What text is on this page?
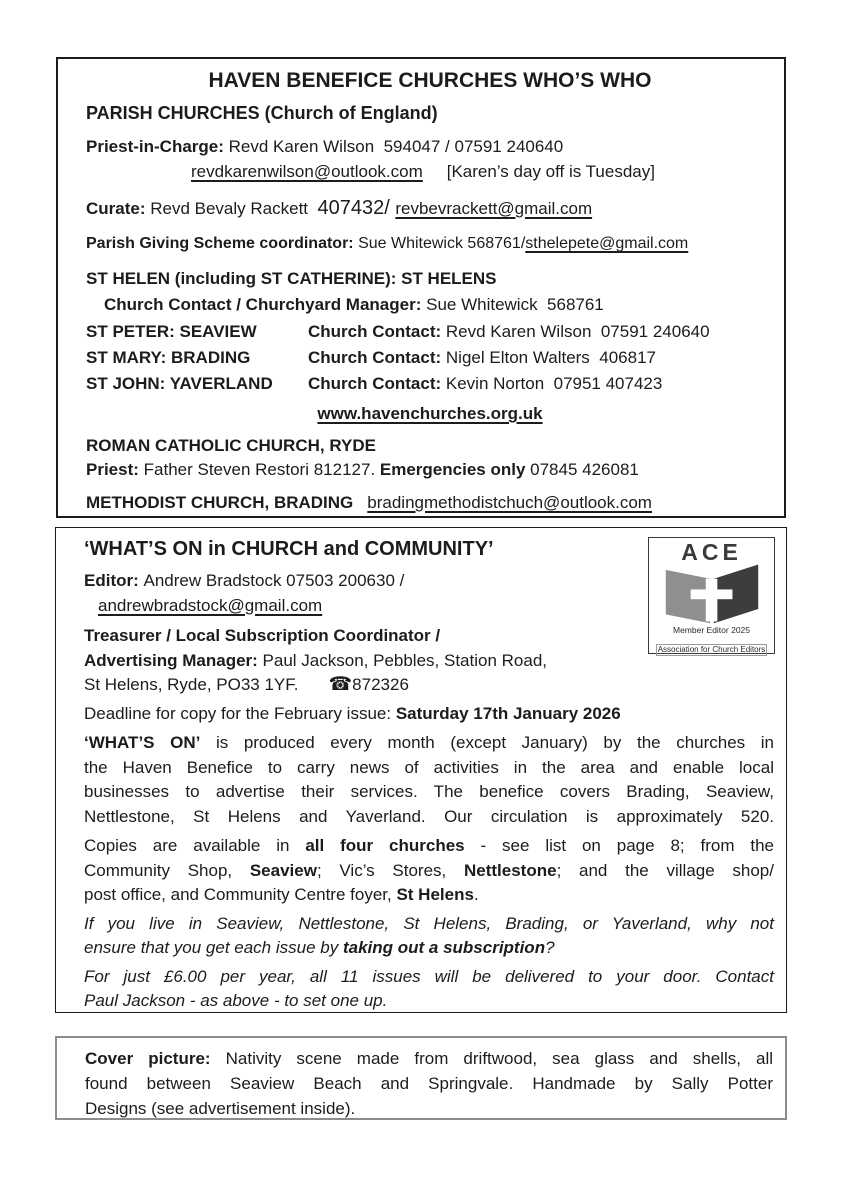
HAVEN BENEFICE CHURCHES WHO’S WHO
PARISH CHURCHES (Church of England)
Priest-in-Charge: Revd Karen Wilson  594047 / 07591 240640
revdkarenwilson@outlook.com [Karen’s day off is Tuesday]
Curate: Revd Bevaly Rackett  407432/ revbevrackett@gmail.com
Parish Giving Scheme coordinator: Sue Whitewick 568761/sthelepete@gmail.com
ST HELEN (including ST CATHERINE): ST HELENS
Church Contact / Churchyard Manager: Sue Whitewick  568761
ST PETER: SEAVIEW	Church Contact: Revd Karen Wilson  07591 240640
ST MARY: BRADING	Church Contact: Nigel Elton Walters  406817
ST JOHN: YAVERLAND Church Contact: Kevin Norton  07951 407423
www.havenchurches.org.uk
ROMAN CATHOLIC CHURCH, RYDE
Priest: Father Steven Restori 812127. Emergencies only 07845 426081
METHODIST CHURCH, BRADING bradingmethodistchuch@outlook.com
ACE
Member Editor 2025
Association for Church Editors
‘WHAT’S ON in CHURCH and COMMUNITY’
Editor: Andrew Bradstock 07503 200630 /
andrewbradstock@gmail.com
Treasurer / Local Subscription Coordinator /
Advertising Manager: Paul Jackson, Pebbles, Station Road,
St Helens, Ryde, PO33 1YF. ☎872326
Deadline for copy for the February issue: Saturday 17th January 2026
‘WHAT’S ON’ is produced every month (except January) by the churches in
the Haven Benefice to carry news of activities in the area and enable local
businesses to advertise their services. The benefice covers Brading, Seaview,
Nettlestone, St Helens and Yaverland. Our circulation is approximately 520.
Copies are available in all four churches - see list on page 8; from the
Community Shop, Seaview; Vic’s Stores, Nettlestone; and the village shop/
post office, and Community Centre foyer, St Helens.
If you live in Seaview, Nettlestone, St Helens, Brading, or Yaverland, why not
ensure that you get each issue by taking out a subscription?
For just £6.00 per year, all 11 issues will be delivered to your door. Contact
Paul Jackson - as above - to set one up.
Cover picture: Nativity scene made from driftwood, sea glass and shells, all
found between Seaview Beach and Springvale. Handmade by Sally Potter
Designs (see advertisement inside).
